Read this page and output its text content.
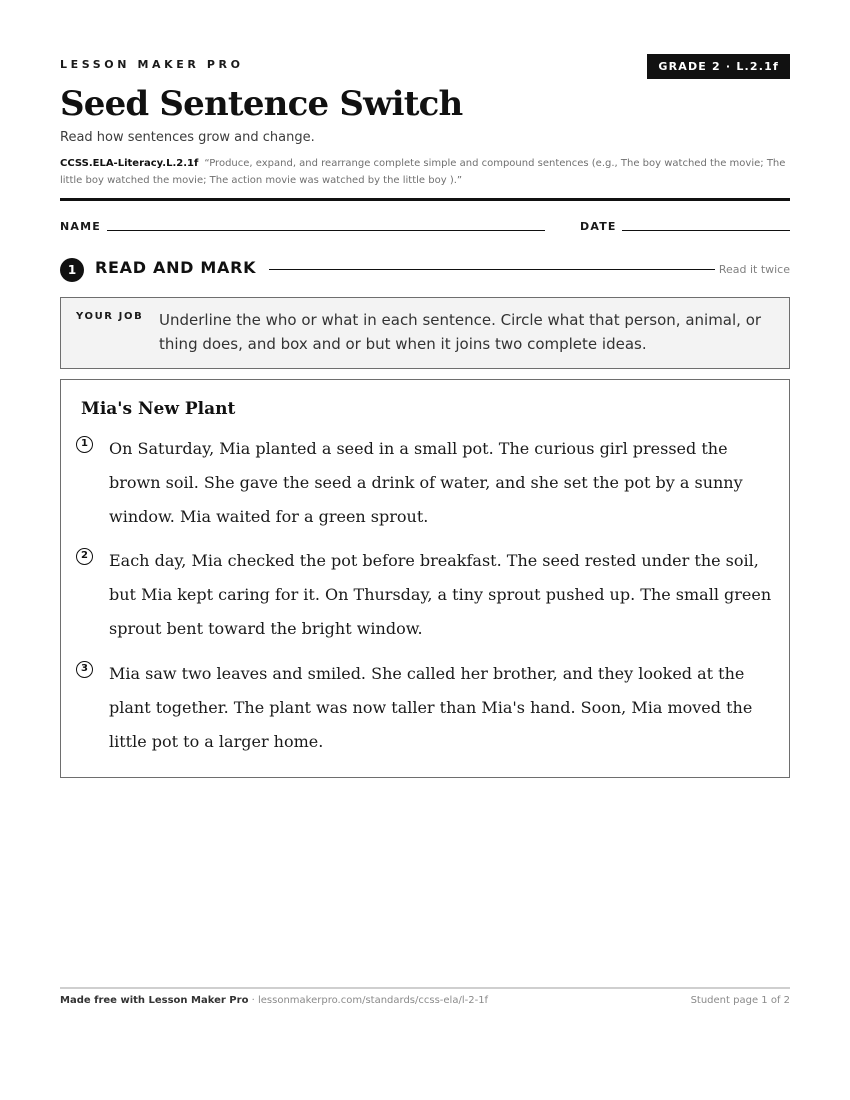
LESSON MAKER PRO	GRADE 2 · L.2.1f
Seed Sentence Switch
Read how sentences grow and change.
CCSS.ELA-Literacy.L.2.1f “Produce, expand, and rearrange complete simple and compound sentences (e.g., The boy watched the movie; The little boy watched the movie; The action movie was watched by the little boy ).”
NAME	DATE
1	READ AND MARK	Read it twice
YOUR JOB Underline the who or what in each sentence. Circle what that person, animal, or thing does, and box and or but when it joins two complete ideas.
Mia's New Plant
1	On Saturday, Mia planted a seed in a small pot. The curious girl pressed the brown soil. She gave the seed a drink of water, and she set the pot by a sunny window. Mia waited for a green sprout.
2	Each day, Mia checked the pot before breakfast. The seed rested under the soil, but Mia kept caring for it. On Thursday, a tiny sprout pushed up. The small green sprout bent toward the bright window.
3	Mia saw two leaves and smiled. She called her brother, and they looked at the plant together. The plant was now taller than Mia's hand. Soon, Mia moved the little pot to a larger home.
Made free with Lesson Maker Pro · lessonmakerpro.com/standards/ccss-ela/l-2-1f	Student page 1 of 2
